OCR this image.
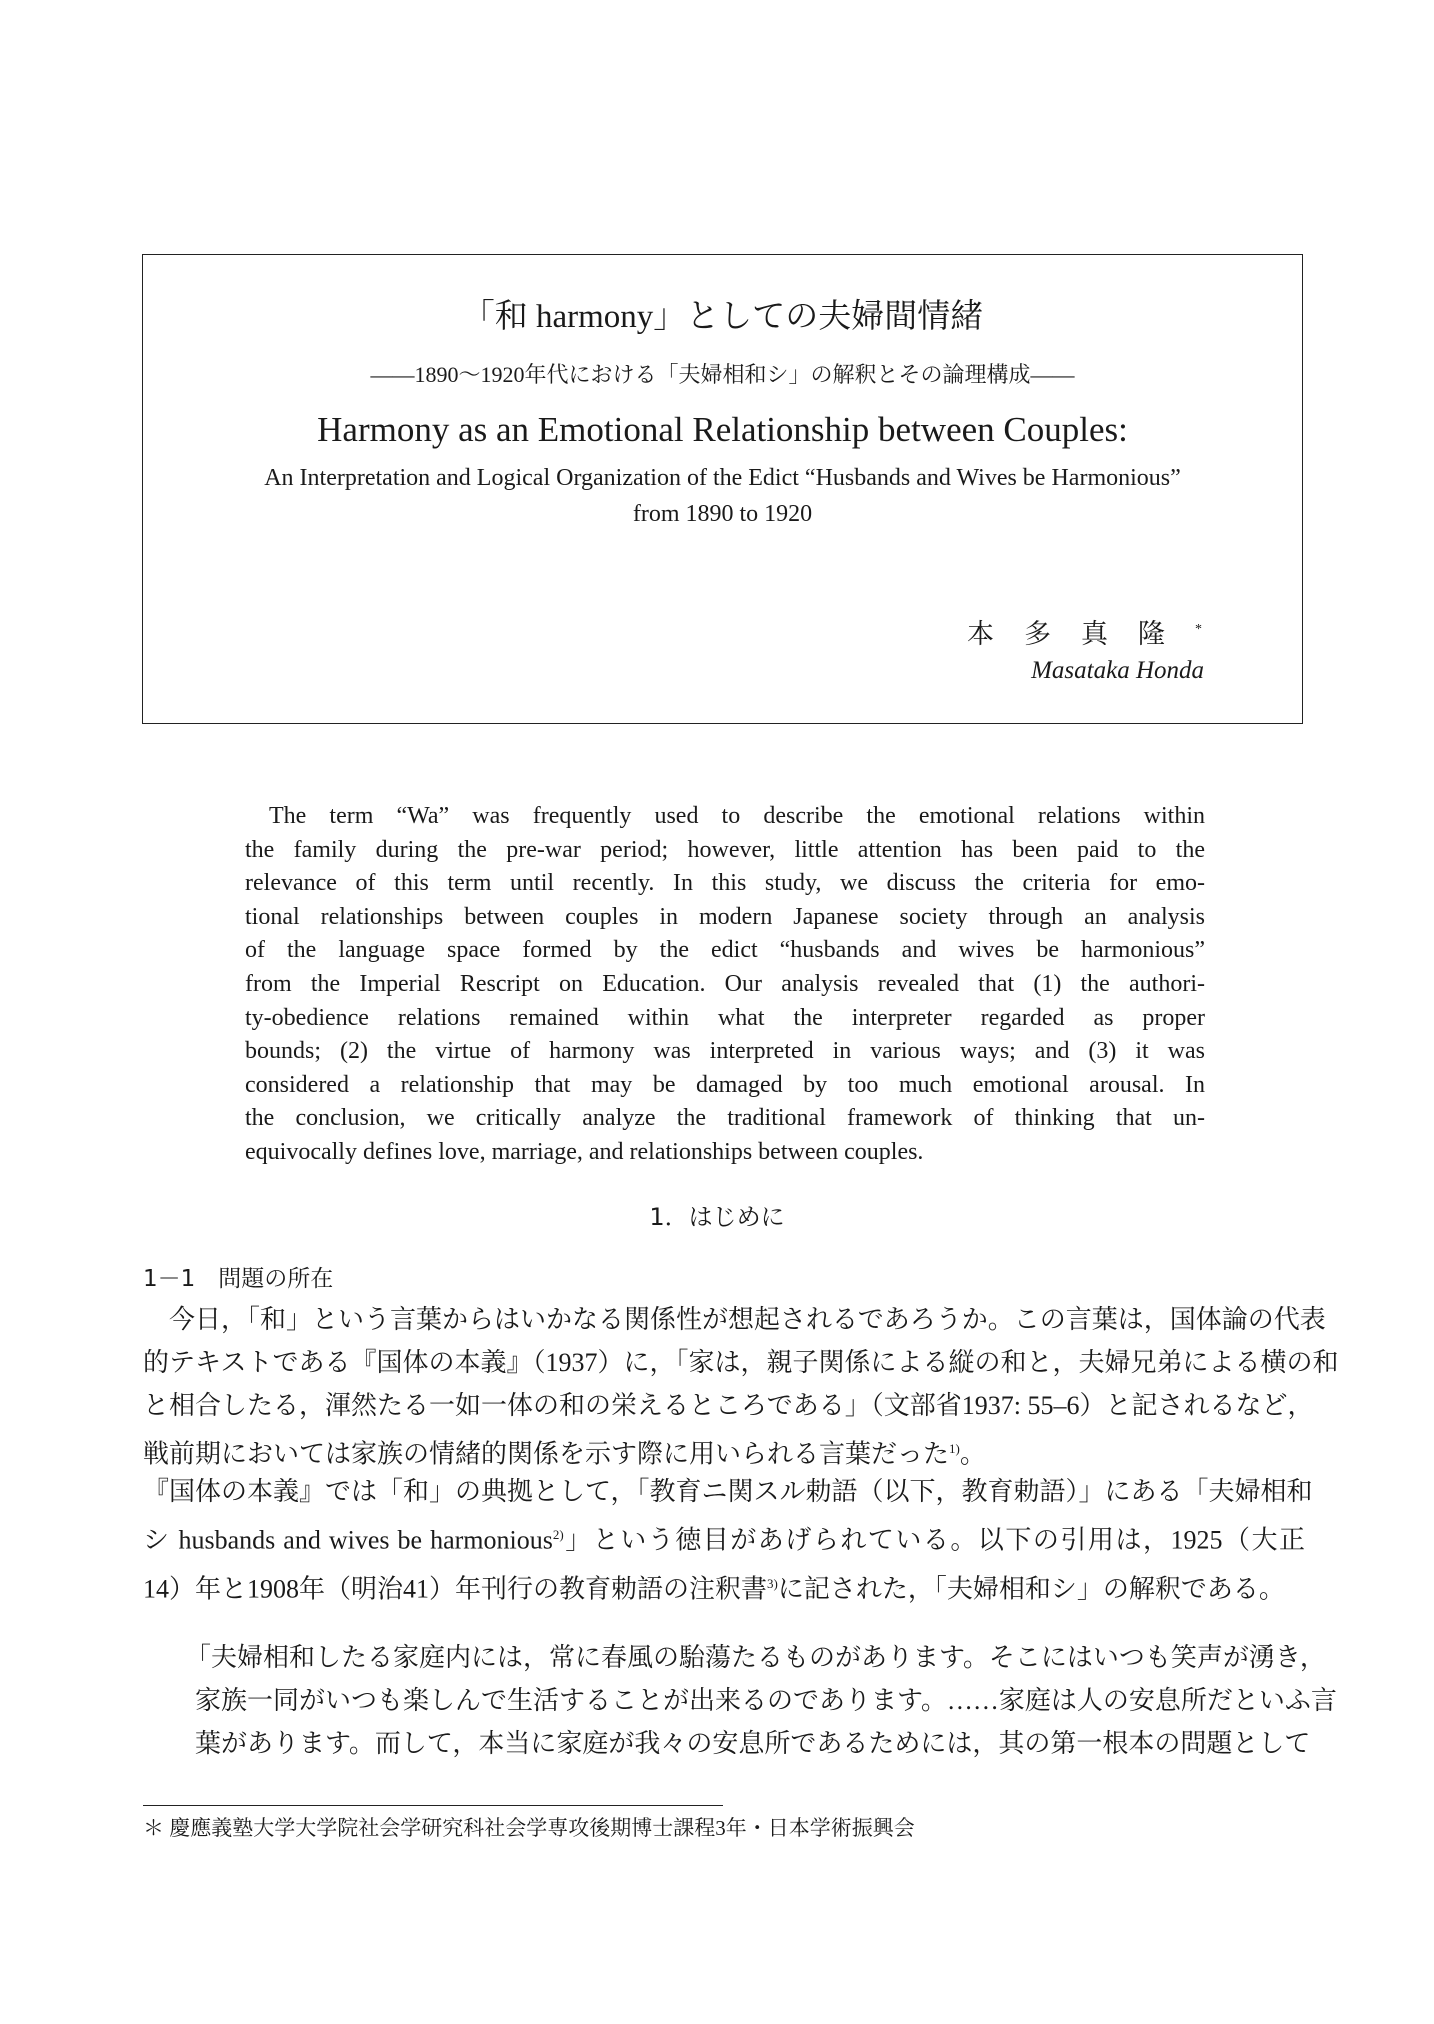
「和 harmony」としての夫婦間情緒
――1890～1920年代における「夫婦相和シ」の解釈とその論理構成――
Harmony as an Emotional Relationship between Couples:
An Interpretation and Logical Organization of the Edict “Husbands and Wives be Harmonious”
from 1890 to 1920
本多真隆*
Masataka Honda
The term “Wa” was frequently used to describe the emotional relations within
the family during the pre-war period; however, little attention has been paid to the
relevance of this term until recently. In this study, we discuss the criteria for emo-
tional relationships between couples in modern Japanese society through an analysis
of the language space formed by the edict “husbands and wives be harmonious”
from the Imperial Rescript on Education. Our analysis revealed that (1) the authori-
ty-obedience relations remained within what the interpreter regarded as proper
bounds; (2) the virtue of harmony was interpreted in various ways; and (3) it was
considered a relationship that may be damaged by too much emotional arousal. In
the conclusion, we critically analyze the traditional framework of thinking that un-
equivocally defines love, marriage, and relationships between couples.
1．はじめに
1－1　問題の所在
　今日，「和」という言葉からはいかなる関係性が想起されるであろうか。この言葉は，国体論の代表
的テキストである『国体の本義』（1937）に，「家は，親子関係による縦の和と，夫婦兄弟による横の和
と相合したる，渾然たる一如一体の和の栄えるところである」（文部省1937: 55–6）と記されるなど，
戦前期においては家族の情緒的関係を示す際に用いられる言葉だった$^{1)}$。
『国体の本義』では「和」の典拠として，「教育ニ関スル勅語（以下，教育勅語）」にある「夫婦相和
シ husbands and wives be harmonious$^{2)}$」という徳目があげられている。以下の引用は，1925（大正
14）年と1908年（明治41）年刊行の教育勅語の注釈書$^{3)}$に記された，「夫婦相和シ」の解釈である。
「夫婦相和したる家庭内には，常に春風の駘蕩たるものがあります。そこにはいつも笑声が湧き，
家族一同がいつも楽しんで生活することが出来るのであります。……家庭は人の安息所だといふ言
葉があります。而して，本当に家庭が我々の安息所であるためには，其の第一根本の問題として
＊ 慶應義塾大学大学院社会学研究科社会学専攻後期博士課程3年・日本学術振興会
